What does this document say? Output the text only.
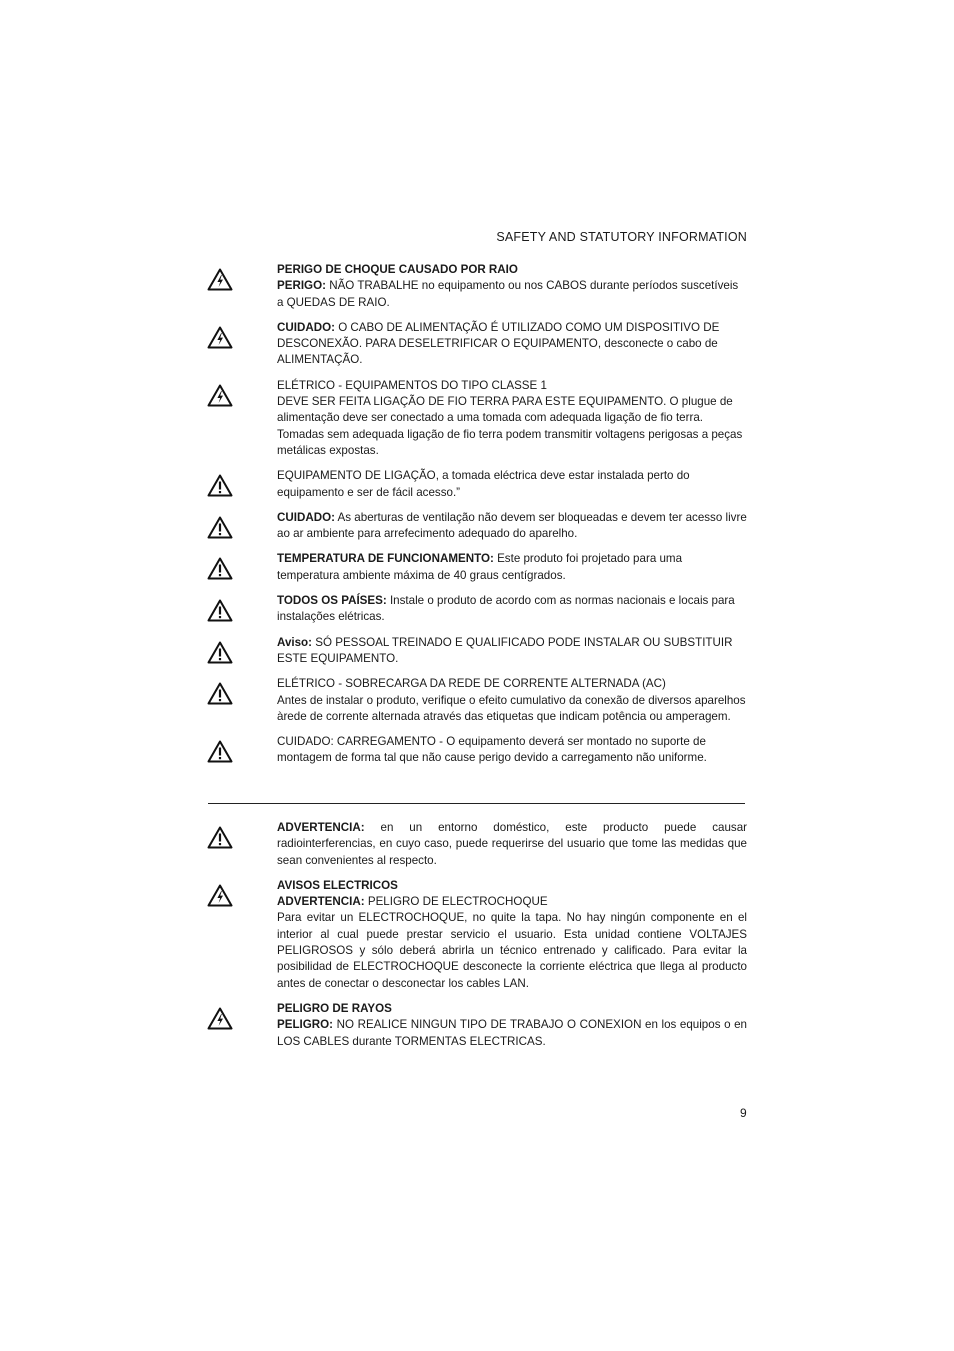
SAFETY AND STATUTORY INFORMATION

PERIGO DE CHOQUE CAUSADO POR RAIO

PERIGO: NÃO TRABALHE no equipamento ou nos CABOS durante períodos suscetíveis a QUEDAS DE RAIO.

CUIDADO: O CABO DE ALIMENTAÇÃO É UTILIZADO COMO UM DISPOSITIVO DE DESCONEXÃO. PARA DESELETRIFICAR O EQUIPAMENTO, desconecte o cabo de ALIMENTAÇÃO.

ELÉTRICO - EQUIPAMENTOS DO TIPO CLASSE 1

DEVE SER FEITA LIGAÇÃO DE FIO TERRA PARA ESTE EQUIPAMENTO. O plugue de alimentação deve ser conectado a uma tomada com adequada ligação de fio terra. Tomadas sem adequada ligação de fio terra podem transmitir voltagens perigosas a peças metálicas expostas.

EQUIPAMENTO DE LIGAÇÃO, a tomada eléctrica deve estar instalada perto do equipamento e ser de fácil acesso.”

CUIDADO: As aberturas de ventilação não devem ser bloqueadas e devem ter acesso livre ao ar ambiente para arrefecimento adequado do aparelho.

TEMPERATURA DE FUNCIONAMENTO: Este produto foi projetado para uma temperatura ambiente máxima de 40 graus centígrados.

TODOS OS PAÍSES: Instale o produto de acordo com as normas nacionais e locais para instalações elétricas.

Aviso: SÓ PESSOAL TREINADO E QUALIFICADO PODE INSTALAR OU SUBSTITUIR ESTE EQUIPAMENTO.

ELÉTRICO - SOBRECARGA DA REDE DE CORRENTE ALTERNADA (AC)

Antes de instalar o produto, verifique o efeito cumulativo da conexão de diversos aparelhos àrede de corrente alternada através das etiquetas que indicam potência ou amperagem.

CUIDADO: CARREGAMENTO - O equipamento deverá ser montado no suporte de montagem de forma tal que não cause perigo devido a carregamento não uniforme.

ADVERTENCIA: en un entorno doméstico, este producto puede causar radiointerferencias, en cuyo caso, puede requerirse del usuario que tome las medidas que sean convenientes al respecto.

AVISOS ELECTRICOS

ADVERTENCIA: PELIGRO DE ELECTROCHOQUE

Para evitar un ELECTROCHOQUE, no quite la tapa. No hay ningún componente en el interior al cual puede prestar servicio el usuario. Esta unidad contiene VOLTAJES PELIGROSOS y sólo deberá abrirla un técnico entrenado y calificado. Para evitar la posibilidad de ELECTROCHOQUE desconecte la corriente eléctrica que llega al producto antes de conectar o desconectar los cables LAN.

PELIGRO DE RAYOS

PELIGRO: NO REALICE NINGUN TIPO DE TRABAJO O CONEXION en los equipos o en LOS CABLES durante TORMENTAS ELECTRICAS.

9
